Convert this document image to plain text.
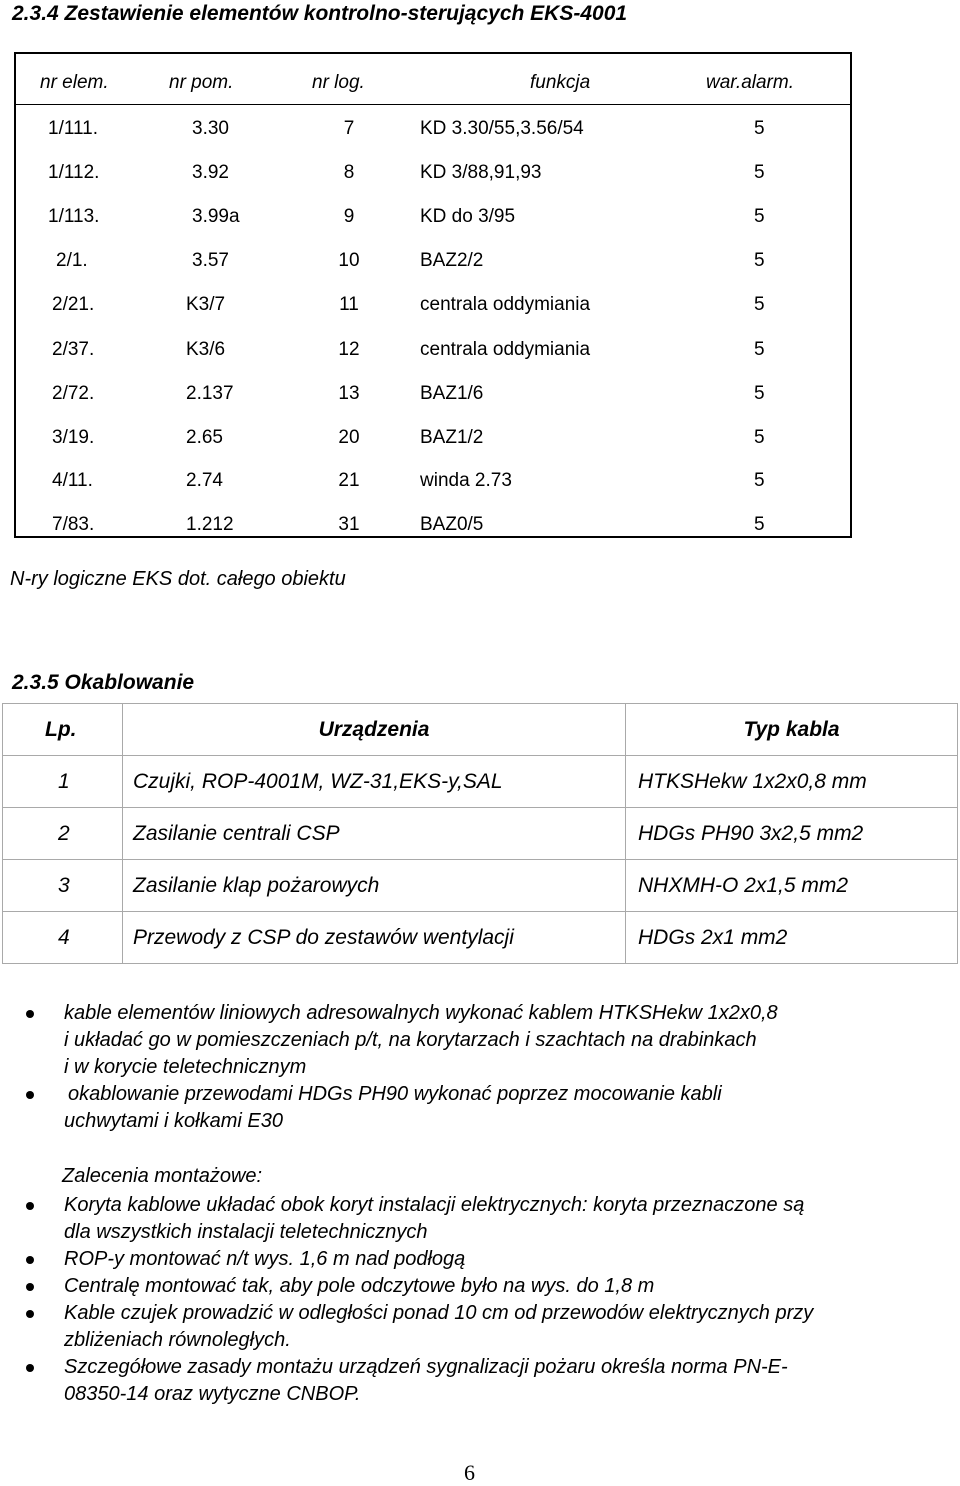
2.3.4 Zestawienie elementów kontrolno-sterujących EKS-4001
nr elem.	nr pom.	nr log.	funkcja	war.alarm.
1/111.	3.30	7	KD 3.30/55,3.56/54	5
1/112.	3.92	8	KD 3/88,91,93	5
1/113.	3.99a	9	KD do 3/95	5
2/1.	3.57	10	BAZ2/2	5
2/21.	K3/7	11	centrala oddymiania	5
2/37.	K3/6	12	centrala oddymiania	5
2/72.	2.137	13	BAZ1/6	5
3/19.	2.65	20	BAZ1/2	5
4/11.	2.74	21	winda 2.73	5
7/83.	1.212	31	BAZ0/5	5
N-ry logiczne EKS dot. całego obiektu
2.3.5 Okablowanie
Lp.	Urządzenia	Typ kabla
1	Czujki, ROP-4001M, WZ-31,EKS-y,SAL	HTKSHekw 1x2x0,8 mm
2	Zasilanie centrali CSP	HDGs PH90 3x2,5 mm2
3	Zasilanie klap pożarowych	NHXMH-O 2x1,5 mm2
4	Przewody z CSP do zestawów wentylacji	HDGs 2x1 mm2
kable elementów liniowych adresowalnych wykonać kablem HTKSHekw 1x2x0,8
i układać go w pomieszczeniach p/t, na korytarzach i szachtach na drabinkach
i w korycie teletechnicznym
okablowanie przewodami HDGs PH90 wykonać poprzez mocowanie kabli
uchwytami i kołkami E30
Zalecenia montażowe:
Koryta kablowe układać obok koryt instalacji elektrycznych: koryta przeznaczone są
dla wszystkich instalacji teletechnicznych
ROP-y montować n/t wys. 1,6 m nad podłogą
Centralę montować tak, aby pole odczytowe było na wys. do 1,8 m
Kable czujek prowadzić w odległości ponad 10 cm od przewodów elektrycznych przy
zbliżeniach równoległych.
Szczegółowe zasady montażu urządzeń sygnalizacji pożaru określa norma PN-E-
08350-14 oraz wytyczne CNBOP.
6
